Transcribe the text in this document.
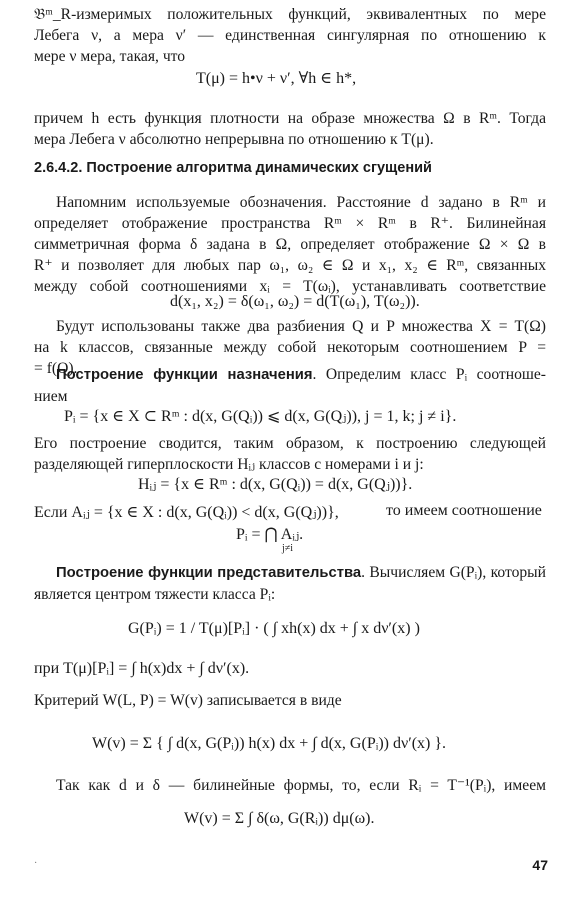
𝔅ᵐ_R-измеримых положительных функций, эквивалентных по мере
Лебега ν, а мера ν′ — единственная сингулярная по отношению к
мере ν мера, такая, что
T(μ) = h•ν + ν′, ∀h ∈ h*,
причем h есть функция плотности на образе множества Ω в Rᵐ. Тогда
мера Лебега ν абсолютно непрерывна по отношению к T(μ).
2.6.4.2. Построение алгоритма динамических сгущений
Напомним используемые обозначения. Расстояние d задано в Rᵐ и
определяет отображение пространства Rᵐ × Rᵐ в R⁺. Билинейная
симметричная форма δ задана в Ω, определяет отображение Ω × Ω в
R⁺ и позволяет для любых пар ω₁, ω₂ ∈ Ω и x₁, x₂ ∈ Rᵐ, связанных
между собой соотношениями xᵢ = T(ωᵢ), устанавливать соответствие
d(x₁, x₂) = δ(ω₁, ω₂) = d(T(ω₁), T(ω₂)).
Будут использованы также два разбиения Q и P множества X = T(Ω)
на k классов, связанные между собой некоторым соотношением P =
= f(Q).
Построение функции назначения. Определим класс Pᵢ соотноше-
нием
Pᵢ = {x ∈ X ⊂ Rᵐ : d(x, G(Qᵢ)) ⩽ d(x, G(Qⱼ)), j = 1, k; j ≠ i}.
Его построение сводится, таким образом, к построению следующей
разделяющей гиперплоскости Hᵢⱼ классов с номерами i и j:
Hᵢⱼ = {x ∈ Rᵐ : d(x, G(Qᵢ)) = d(x, G(Qⱼ))}.
Если Aᵢⱼ = {x ∈ X : d(x, G(Qᵢ)) < d(x, G(Qⱼ))},	то имеем соотношение
Pᵢ = ⋂ Aᵢⱼ.
j≠i
Построение функции представительства. Вычисляем G(Pᵢ), который
является центром тяжести класса Pᵢ:
G(Pᵢ) = 1 / T(μ)[Pᵢ] · ( ∫ xh(x) dx + ∫ x dν′(x) )
при T(μ)[Pᵢ] = ∫ h(x)dx + ∫ dν′(x).
Критерий W(L, P) = W(v) записывается в виде
W(v) = Σ { ∫ d(x, G(Pᵢ)) h(x) dx + ∫ d(x, G(Pᵢ)) dν′(x) }.
Так как d и δ — билинейные формы, то, если Rᵢ = T⁻¹(Pᵢ), имеем
W(v) = Σ ∫ δ(ω, G(Rᵢ)) dμ(ω).
·	47
